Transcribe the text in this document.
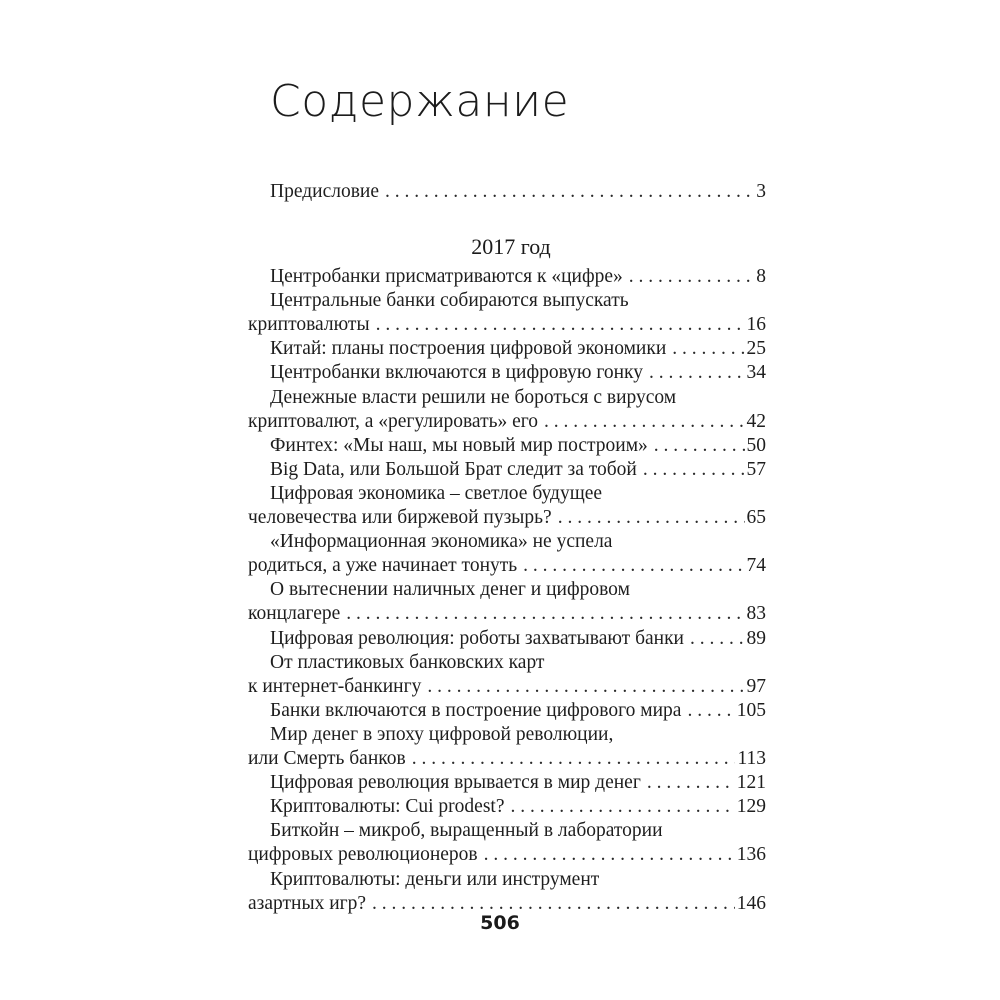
Содержание
Предисловие . . .	3
2017 год
Центробанки присматриваются к «цифре» . . .	8
Центральные банки собираются выпускать
криптовалюты . . .	16
Китай: планы построения цифровой экономики . . .	25
Центробанки включаются в цифровую гонку . . .	34
Денежные власти решили не бороться с вирусом
криптовалют, а «регулировать» его . . .	42
Финтех: «Мы наш, мы новый мир построим» . . .	50
Big Data, или Большой Брат следит за тобой . . .	57
Цифровая экономика – светлое будущее
человечества или биржевой пузырь? . . .	65
«Информационная экономика» не успела
родиться, а уже начинает тонуть . . .	74
О вытеснении наличных денег и цифровом
концлагере . . .	83
Цифровая революция: роботы захватывают банки . . .	89
От пластиковых банковских карт
к интернет-банкингу . . .	97
Банки включаются в построение цифрового мира . . .	105
Мир денег в эпоху цифровой революции,
или Смерть банков . . .	113
Цифровая революция врывается в мир денег . . .	121
Криптовалюты: Cui prodest? . . .	129
Биткойн – микроб, выращенный в лаборатории
цифровых революционеров . . .	136
Криптовалюты: деньги или инструмент
азартных игр? . . .	146
506
